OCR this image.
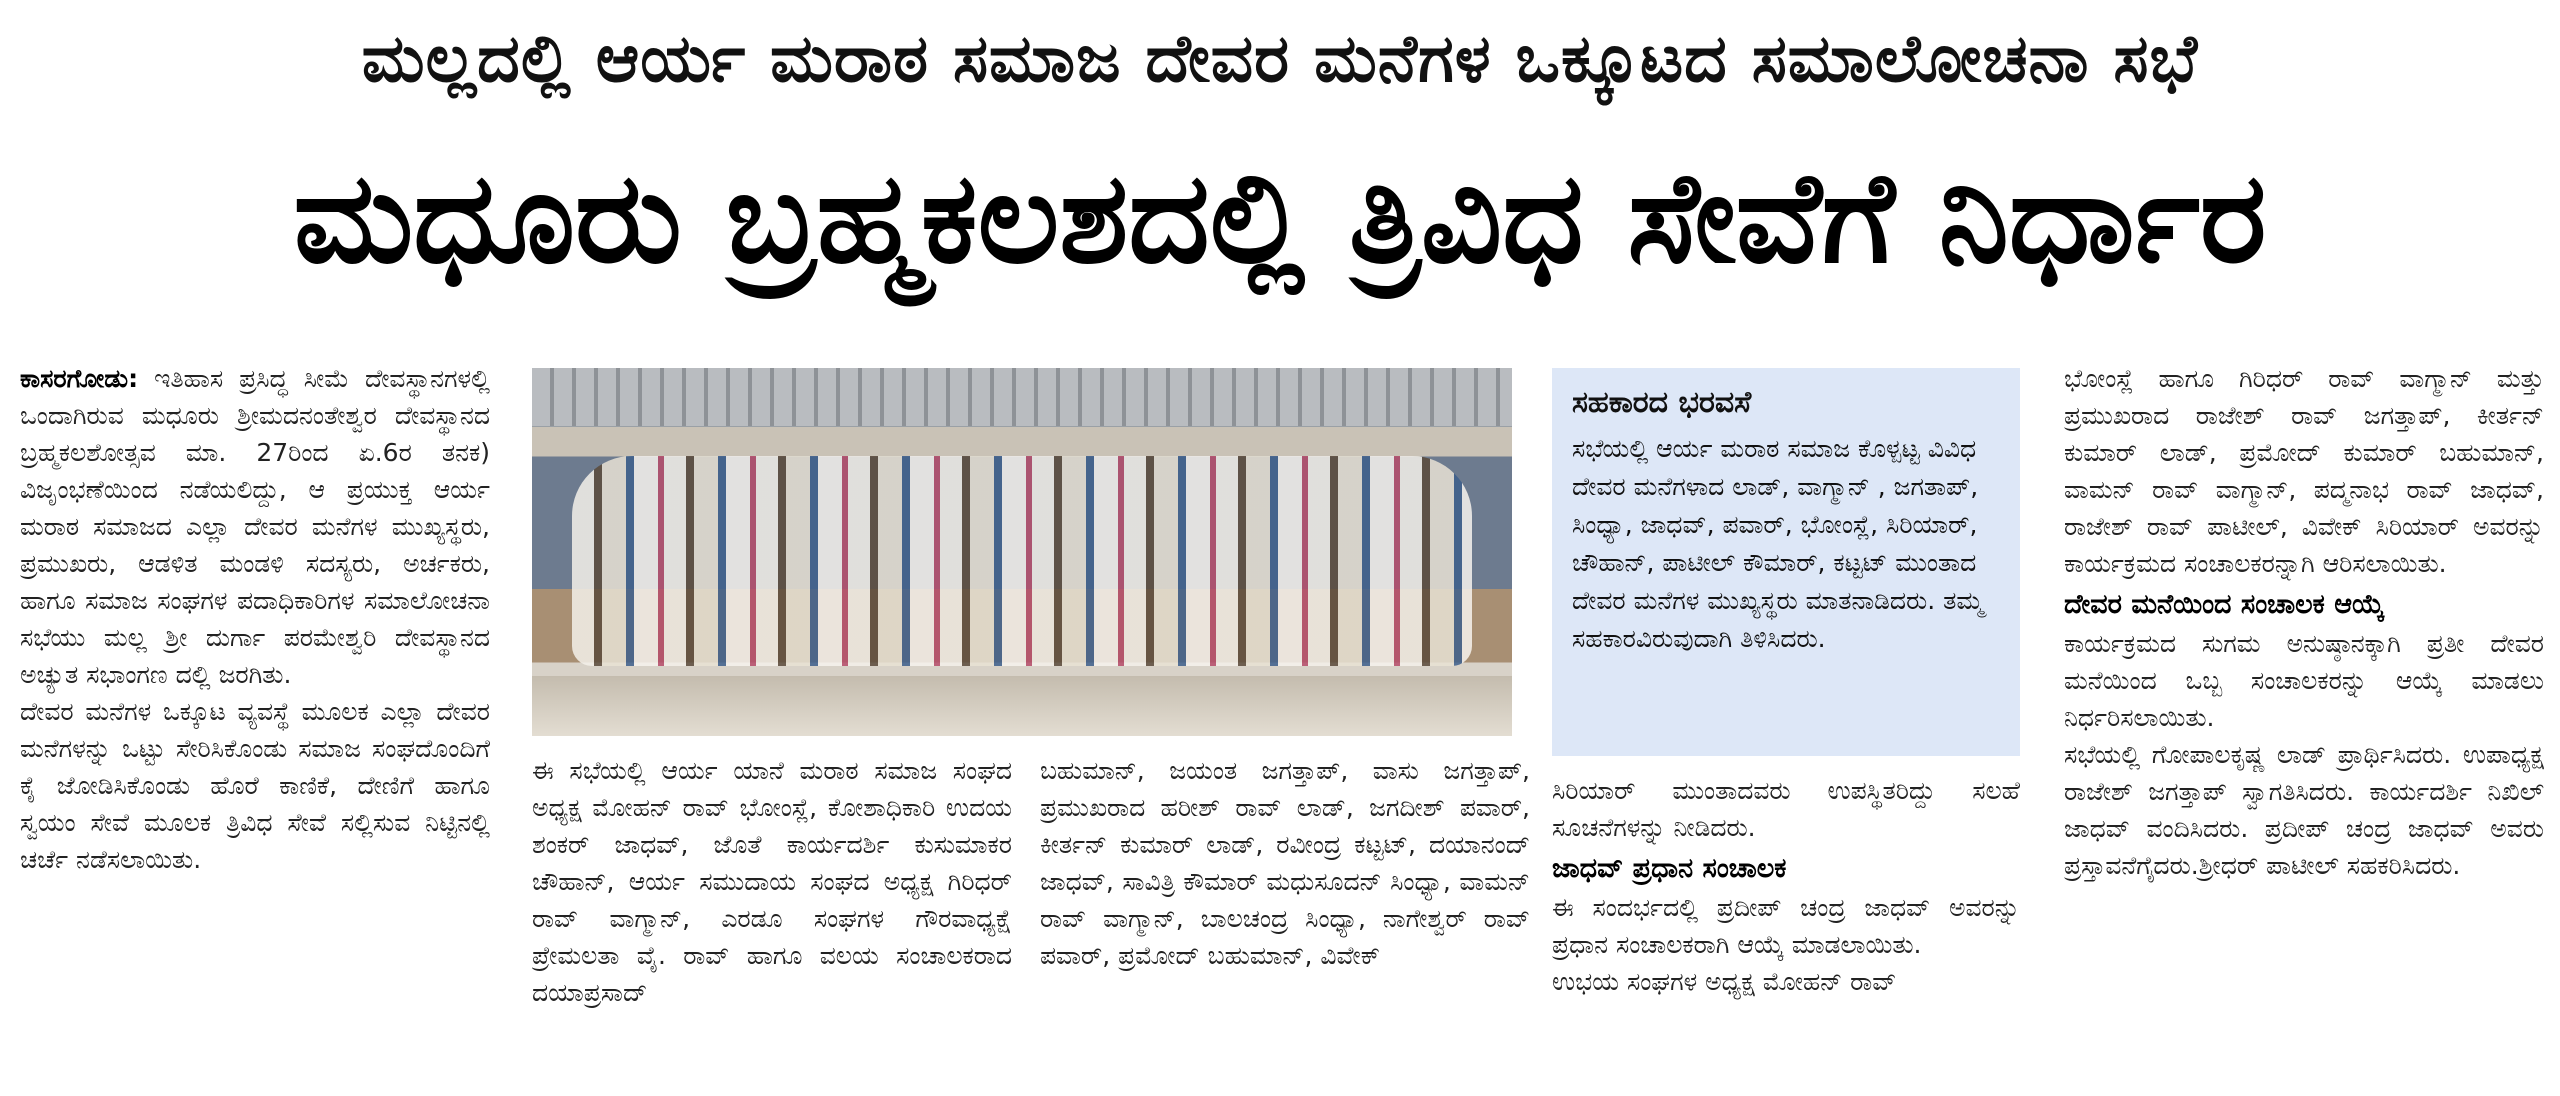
ಮಲ್ಲದಲ್ಲಿ ಆರ್ಯ ಮರಾಠ ಸಮಾಜ ದೇವರ ಮನೆಗಳ ಒಕ್ಕೂಟದ ಸಮಾಲೋಚನಾ ಸಭೆ
ಮಧೂರು ಬ್ರಹ್ಮಕಲಶದಲ್ಲಿ ತ್ರಿವಿಧ ಸೇವೆಗೆ ನಿರ್ಧಾರ

ಕಾಸರಗೋಡು: ಇತಿಹಾಸ ಪ್ರಸಿದ್ಧ ಸೀಮೆ ದೇವಸ್ಥಾನಗಳಲ್ಲಿ ಒಂದಾಗಿರುವ ಮಧೂರು ಶ್ರೀಮದನಂತೇಶ್ವರ ದೇವಸ್ಥಾನದ ಬ್ರಹ್ಮಕಲಶೋತ್ಸವ ಮಾ. 27ರಿಂದ ಏ.6ರ ತನಕ) ವಿಜೃಂಭಣೆಯಿಂದ ನಡೆಯಲಿದ್ದು, ಆ ಪ್ರಯುಕ್ತ ಆರ್ಯ ಮರಾಠ ಸಮಾಜದ ಎಲ್ಲಾ ದೇವರ ಮನೆಗಳ ಮುಖ್ಯಸ್ಥರು, ಪ್ರಮುಖರು, ಆಡಳಿತ ಮಂಡಳಿ ಸದಸ್ಯರು, ಅರ್ಚಕರು, ಹಾಗೂ ಸಮಾಜ ಸಂಘಗಳ ಪದಾಧಿಕಾರಿಗಳ ಸಮಾಲೋಚನಾ ಸಭೆಯು ಮಲ್ಲ ಶ್ರೀ ದುರ್ಗಾ ಪರಮೇಶ್ವರಿ ದೇವಸ್ಥಾನದ ಅಚ್ಯುತ ಸಭಾಂಗಣ ದಲ್ಲಿ ಜರಗಿತು.

ದೇವರ ಮನೆಗಳ ಒಕ್ಕೂಟ ವ್ಯವಸ್ಥೆ ಮೂಲಕ ಎಲ್ಲಾ ದೇವರ ಮನೆಗಳನ್ನು ಒಟ್ಟು ಸೇರಿಸಿಕೊಂಡು ಸಮಾಜ ಸಂಘದೊಂದಿಗೆ ಕೈ ಜೋಡಿಸಿಕೊಂಡು ಹೊರೆ ಕಾಣಿಕೆ, ದೇಣಿಗೆ ಹಾಗೂ ಸ್ವಯಂ ಸೇವೆ ಮೂಲಕ ತ್ರಿವಿಧ ಸೇವೆ ಸಲ್ಲಿಸುವ ನಿಟ್ಟಿನಲ್ಲಿ ಚರ್ಚೆ ನಡೆಸಲಾಯಿತು.

ಸಹಕಾರದ ಭರವಸೆ

ಸಭೆಯಲ್ಲಿ ಆರ್ಯ ಮರಾಠ ಸಮಾಜ ಕೊಳ್ಪಟ್ಟ ವಿವಿಧ ದೇವರ ಮನೆಗಳಾದ ಲಾಡ್, ವಾಗ್ಮಾನ್ , ಜಗತಾಪ್, ಸಿಂಧ್ಯಾ, ಜಾಧವ್, ಪವಾರ್, ಭೋಂಸ್ಲೆ, ಸಿರಿಯಾರ್, ಚೌಹಾನ್, ಪಾಟೀಲ್ ಕೌಮಾರ್, ಕಟ್ಟಟ್ ಮುಂತಾದ ದೇವರ ಮನೆಗಳ ಮುಖ್ಯಸ್ಥರು ಮಾತನಾಡಿದರು. ತಮ್ಮ ಸಹಕಾರವಿರುವುದಾಗಿ ತಿಳಿಸಿದರು.

ಈ ಸಭೆಯಲ್ಲಿ ಆರ್ಯ ಯಾನೆ ಮರಾಠ ಸಮಾಜ ಸಂಘದ ಅಧ್ಯಕ್ಷ ಮೋಹನ್ ರಾವ್ ಭೋಂಸ್ಲೆ, ಕೋಶಾಧಿಕಾರಿ ಉದಯ ಶಂಕರ್ ಜಾಧವ್, ಜೊತೆ ಕಾರ್ಯದರ್ಶಿ ಕುಸುಮಾಕರ ಚೌಹಾನ್, ಆರ್ಯ ಸಮುದಾಯ ಸಂಘದ ಅಧ್ಯಕ್ಷ ಗಿರಿಧರ್ ರಾವ್ ವಾಗ್ಮಾನ್, ಎರಡೂ ಸಂಘಗಳ ಗೌರವಾಧ್ಯಕ್ಷೆ ಪ್ರೇಮಲತಾ ವೈ. ರಾವ್ ಹಾಗೂ ವಲಯ ಸಂಚಾಲಕರಾದ ದಯಾಪ್ರಸಾದ್

ಬಹುಮಾನ್, ಜಯಂತ ಜಗತ್ತಾಪ್, ವಾಸು ಜಗತ್ತಾಪ್, ಪ್ರಮುಖರಾದ ಹರೀಶ್ ರಾವ್ ಲಾಡ್, ಜಗದೀಶ್ ಪವಾರ್, ಕೀರ್ತನ್ ಕುಮಾರ್ ಲಾಡ್, ರವೀಂದ್ರ ಕಟ್ಟಟ್, ದಯಾನಂದ್ ಜಾಧವ್, ಸಾವಿತ್ರಿ ಕೌಮಾರ್ ಮಧುಸೂದನ್ ಸಿಂಧ್ಯಾ, ವಾಮನ್ ರಾವ್ ವಾಗ್ಮಾನ್, ಬಾಲಚಂದ್ರ ಸಿಂಧ್ಯಾ, ನಾಗೇಶ್ವರ್ ರಾವ್ ಪವಾರ್, ಪ್ರಮೋದ್ ಬಹುಮಾನ್, ವಿವೇಕ್

ಸಿರಿಯಾರ್ ಮುಂತಾದವರು ಉಪಸ್ಥಿತರಿದ್ದು ಸಲಹೆ ಸೂಚನೆಗಳನ್ನು ನೀಡಿದರು.

ಜಾಧವ್ ಪ್ರಧಾನ ಸಂಚಾಲಕ

ಈ ಸಂದರ್ಭದಲ್ಲಿ ಪ್ರದೀಪ್ ಚಂದ್ರ ಜಾಧವ್ ಅವರನ್ನು ಪ್ರಧಾನ ಸಂಚಾಲಕರಾಗಿ ಆಯ್ಕೆ ಮಾಡಲಾಯಿತು.

ಉಭಯ ಸಂಘಗಳ ಅಧ್ಯಕ್ಷ ಮೋಹನ್ ರಾವ್

ಭೋಂಸ್ಲೆ ಹಾಗೂ ಗಿರಿಧರ್ ರಾವ್ ವಾಗ್ಮಾನ್ ಮತ್ತು ಪ್ರಮುಖರಾದ ರಾಜೇಶ್ ರಾವ್ ಜಗತ್ತಾಪ್, ಕೀರ್ತನ್ ಕುಮಾರ್ ಲಾಡ್, ಪ್ರಮೋದ್ ಕುಮಾರ್ ಬಹುಮಾನ್, ವಾಮನ್ ರಾವ್ ವಾಗ್ಮಾನ್, ಪದ್ಮನಾಭ ರಾವ್ ಜಾಧವ್, ರಾಜೇಶ್ ರಾವ್ ಪಾಟೀಲ್, ವಿವೇಕ್ ಸಿರಿಯಾರ್ ಅವರನ್ನು ಕಾರ್ಯಕ್ರಮದ ಸಂಚಾಲಕರನ್ನಾಗಿ ಆರಿಸಲಾಯಿತು.

ದೇವರ ಮನೆಯಿಂದ ಸಂಚಾಲಕ ಆಯ್ಕೆ

ಕಾರ್ಯಕ್ರಮದ ಸುಗಮ ಅನುಷ್ಠಾನಕ್ಕಾಗಿ ಪ್ರತೀ ದೇವರ ಮನೆಯಿಂದ ಒಬ್ಬ ಸಂಚಾಲಕರನ್ನು ಆಯ್ಕೆ ಮಾಡಲು ನಿರ್ಧರಿಸಲಾಯಿತು.

ಸಭೆಯಲ್ಲಿ ಗೋಪಾಲಕೃಷ್ಣ ಲಾಡ್ ಪ್ರಾರ್ಥಿಸಿದರು. ಉಪಾಧ್ಯಕ್ಷ ರಾಜೇಶ್ ಜಗತ್ತಾಪ್ ಸ್ವಾಗತಿಸಿದರು. ಕಾರ್ಯದರ್ಶಿ ನಿಖಿಲ್ ಜಾಧವ್ ವಂದಿಸಿದರು. ಪ್ರದೀಪ್ ಚಂದ್ರ ಜಾಧವ್ ಅವರು ಪ್ರಸ್ತಾವನೆಗೈದರು.ಶ್ರೀಧರ್ ಪಾಟೀಲ್ ಸಹಕರಿಸಿದರು.
